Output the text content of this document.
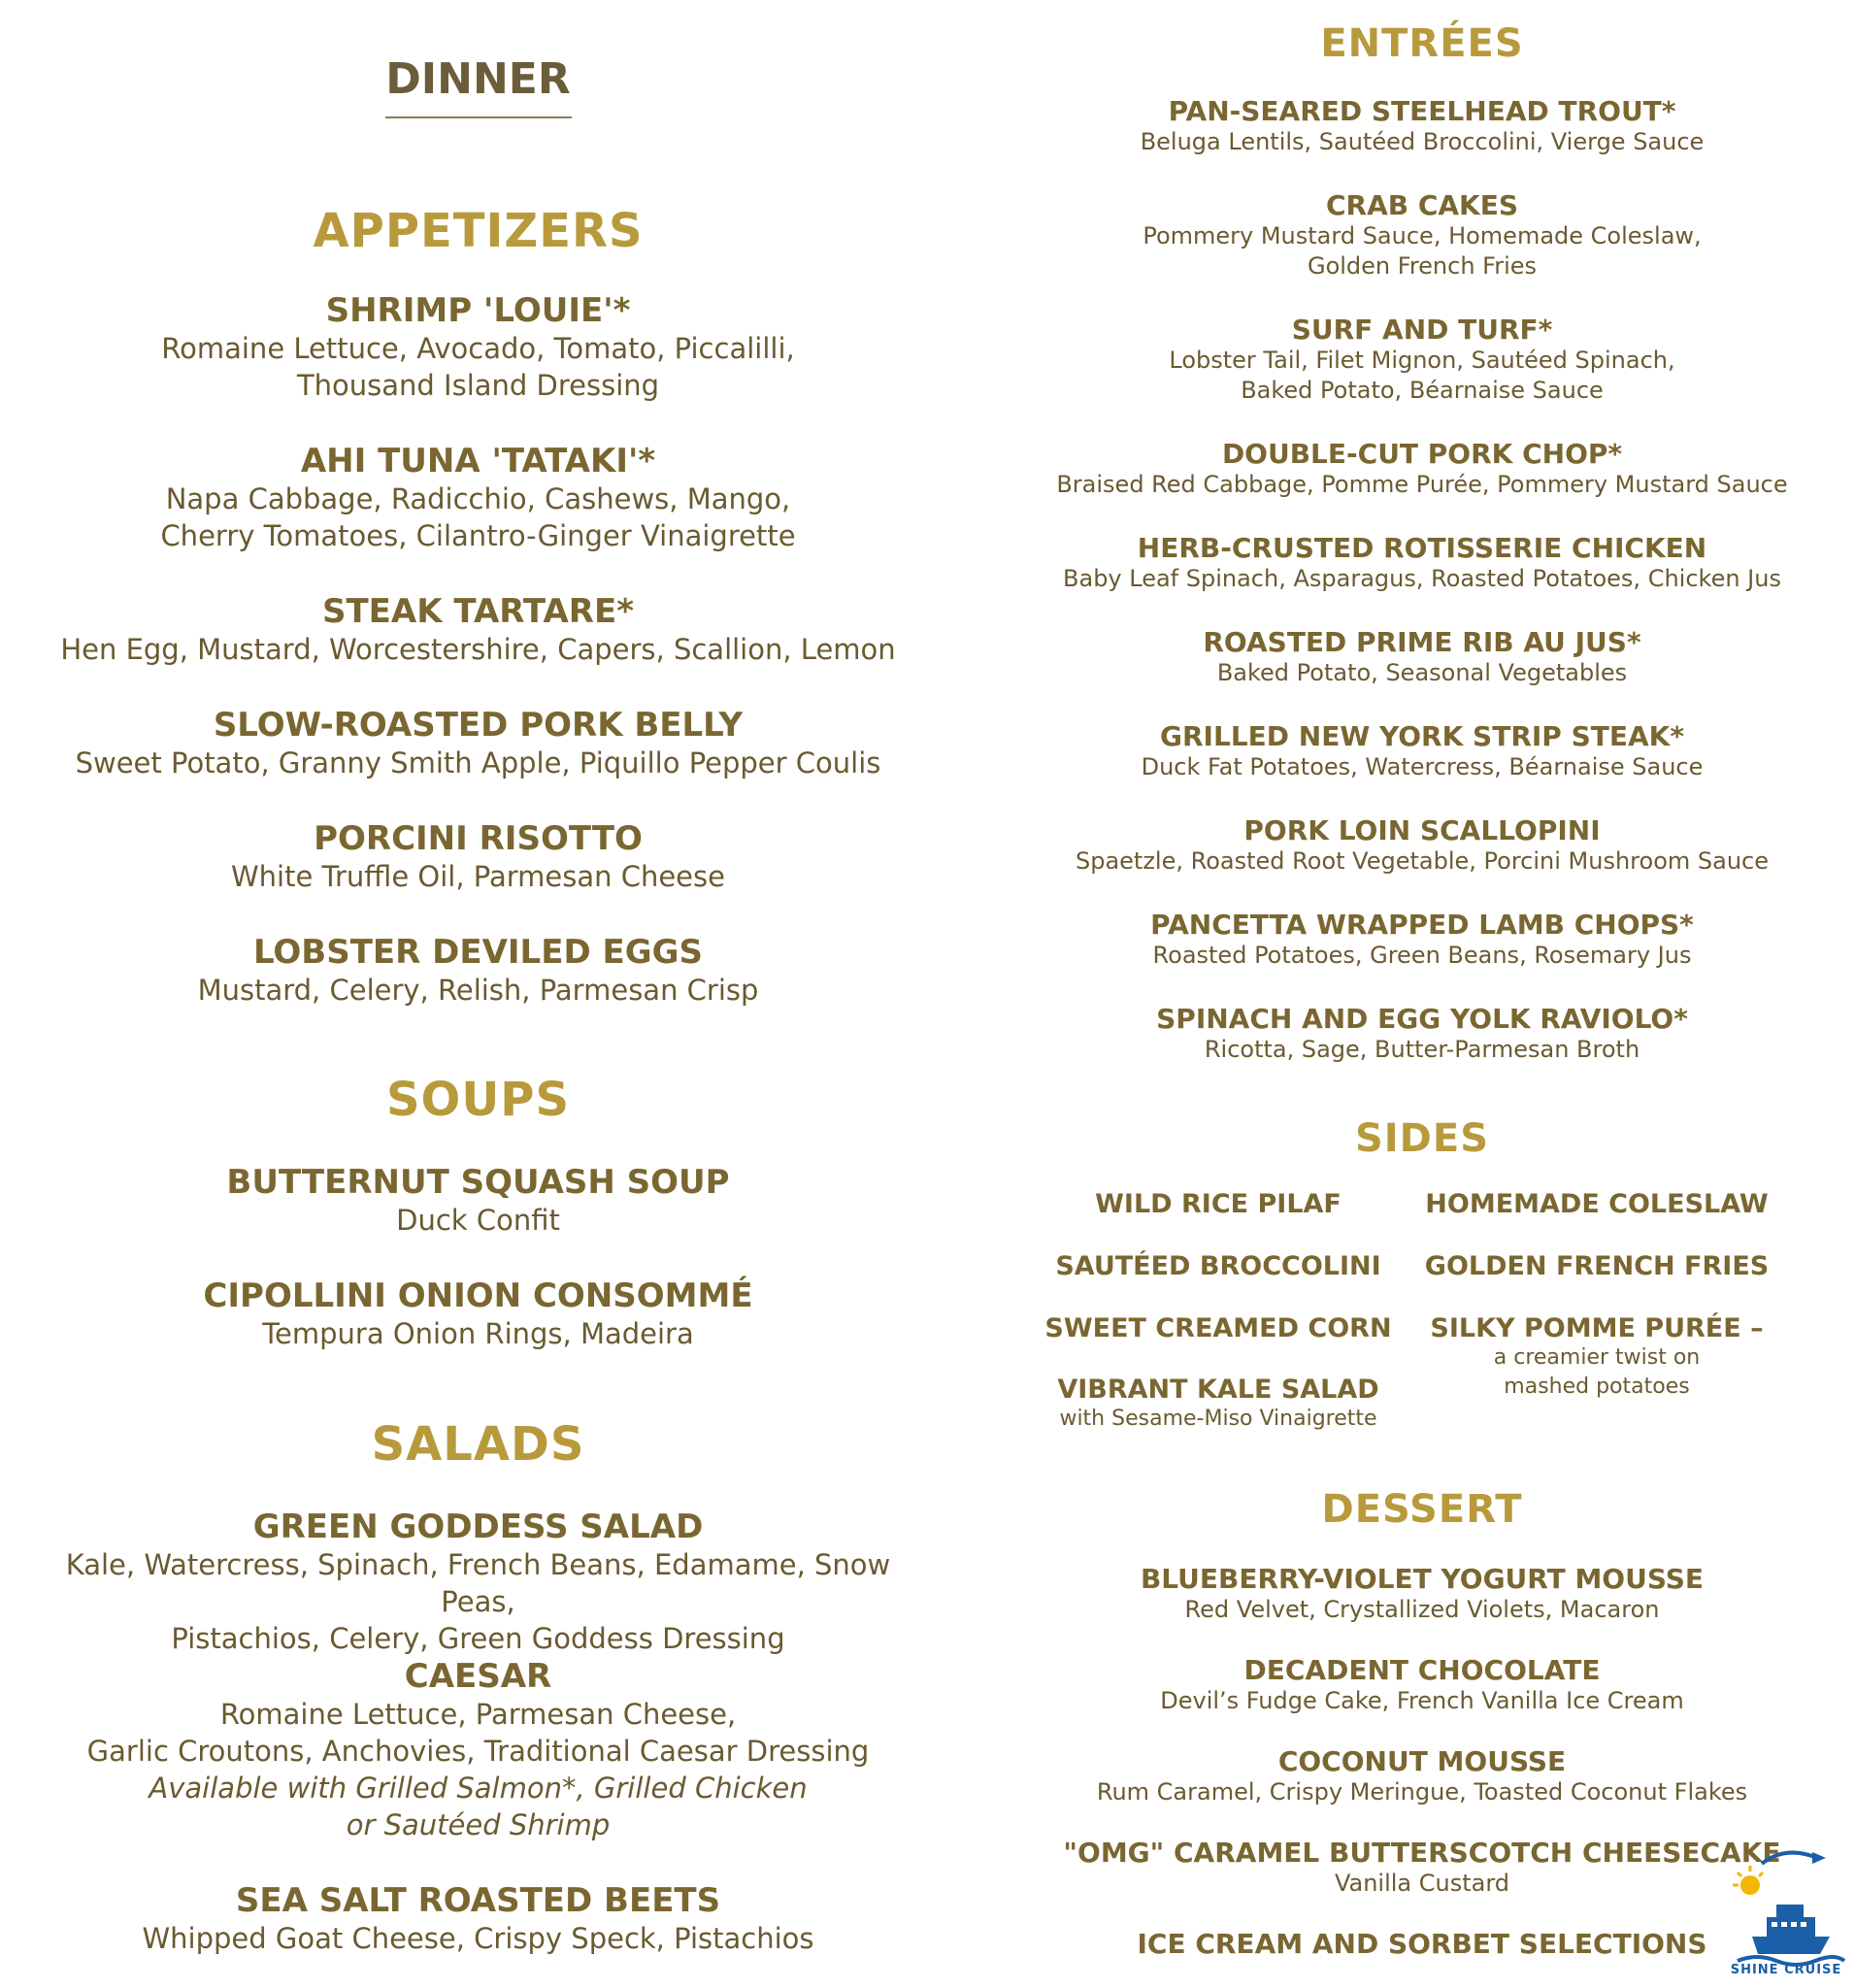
DINNER
APPETIZERS
SHRIMP 'LOUIE'*
Romaine Lettuce, Avocado, Tomato, Piccalilli,
Thousand Island Dressing
AHI TUNA 'TATAKI'*
Napa Cabbage, Radicchio, Cashews, Mango,
Cherry Tomatoes, Cilantro-Ginger Vinaigrette
STEAK TARTARE*
Hen Egg, Mustard, Worcestershire, Capers, Scallion, Lemon
SLOW-ROASTED PORK BELLY
Sweet Potato, Granny Smith Apple, Piquillo Pepper Coulis
PORCINI RISOTTO
White Truffle Oil, Parmesan Cheese
LOBSTER DEVILED EGGS
Mustard, Celery, Relish, Parmesan Crisp
SOUPS
BUTTERNUT SQUASH SOUP
Duck Confit
CIPOLLINI ONION CONSOMMÉ
Tempura Onion Rings, Madeira
SALADS
GREEN GODDESS SALAD
Kale, Watercress, Spinach, French Beans, Edamame, Snow Peas,
Pistachios, Celery, Green Goddess Dressing
CAESAR
Romaine Lettuce, Parmesan Cheese,
Garlic Croutons, Anchovies, Traditional Caesar Dressing
Available with Grilled Salmon*, Grilled Chicken
or Sautéed Shrimp
SEA SALT ROASTED BEETS
Whipped Goat Cheese, Crispy Speck, Pistachios
ENTRÉES
PAN-SEARED STEELHEAD TROUT*
Beluga Lentils, Sautéed Broccolini, Vierge Sauce
CRAB CAKES
Pommery Mustard Sauce, Homemade Coleslaw,
Golden French Fries
SURF AND TURF*
Lobster Tail, Filet Mignon, Sautéed Spinach,
Baked Potato, Béarnaise Sauce
DOUBLE-CUT PORK CHOP*
Braised Red Cabbage, Pomme Purée, Pommery Mustard Sauce
HERB-CRUSTED ROTISSERIE CHICKEN
Baby Leaf Spinach, Asparagus, Roasted Potatoes, Chicken Jus
ROASTED PRIME RIB AU JUS*
Baked Potato, Seasonal Vegetables
GRILLED NEW YORK STRIP STEAK*
Duck Fat Potatoes, Watercress, Béarnaise Sauce
PORK LOIN SCALLOPINI
Spaetzle, Roasted Root Vegetable, Porcini Mushroom Sauce
PANCETTA WRAPPED LAMB CHOPS*
Roasted Potatoes, Green Beans, Rosemary Jus
SPINACH AND EGG YOLK RAVIOLO*
Ricotta, Sage, Butter-Parmesan Broth
SIDES
WILD RICE PILAF
SAUTÉED BROCCOLINI
SWEET CREAMED CORN
VIBRANT KALE SALAD
with Sesame-Miso Vinaigrette
HOMEMADE COLESLAW
GOLDEN FRENCH FRIES
SILKY POMME PURÉE –
a creamier twist on
mashed potatoes
DESSERT
BLUEBERRY-VIOLET YOGURT MOUSSE
Red Velvet, Crystallized Violets, Macaron
DECADENT CHOCOLATE
Devil’s Fudge Cake, French Vanilla Ice Cream
COCONUT MOUSSE
Rum Caramel, Crispy Meringue, Toasted Coconut Flakes
"OMG" CARAMEL BUTTERSCOTCH CHEESECAKE
Vanilla Custard
ICE CREAM AND SORBET SELECTIONS
SHINE CRUISE
